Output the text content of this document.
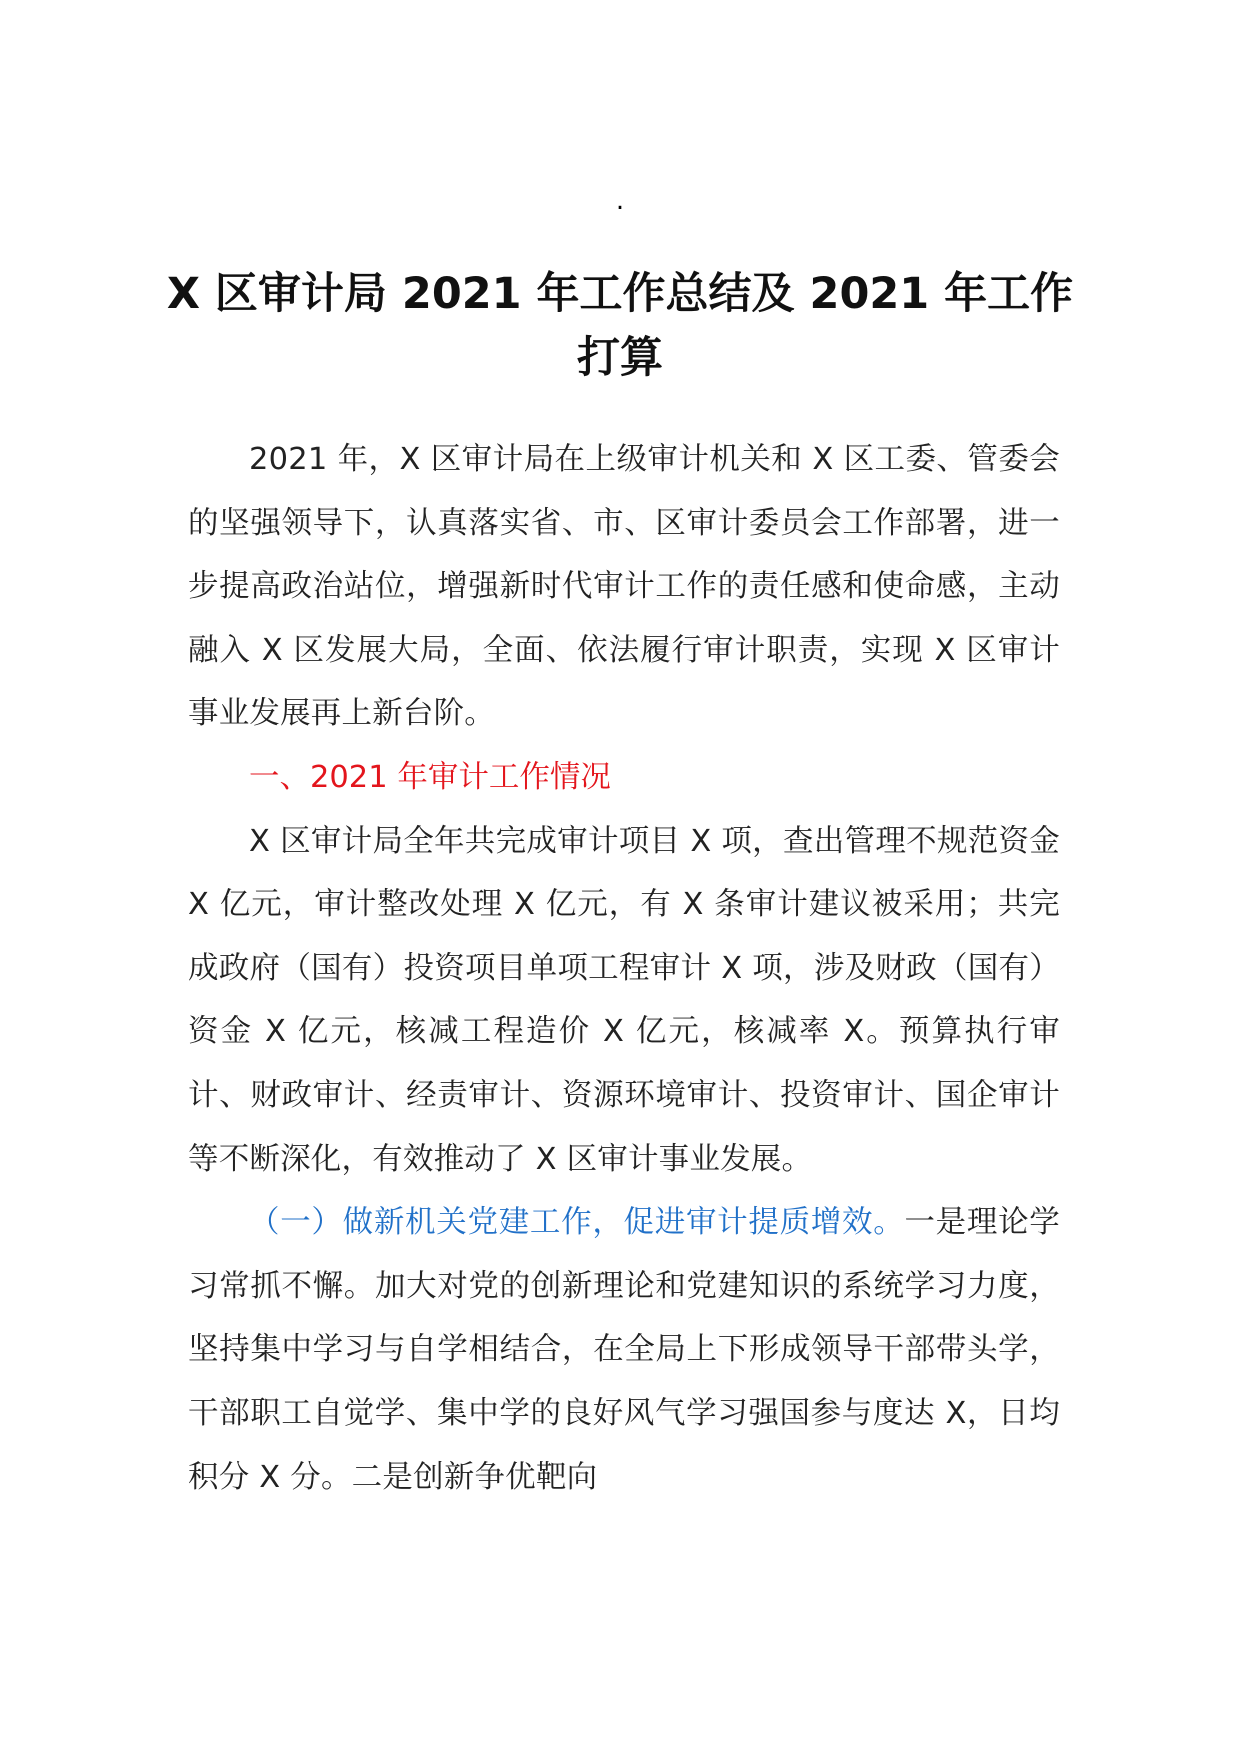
.
X 区审计局 2021 年工作总结及 2021 年工作打算

2021 年，X 区审计局在上级审计机关和 X 区工委、管委会的坚强领导下，认真落实省、市、区审计委员会工作部署，进一步提高政治站位，增强新时代审计工作的责任感和使命感，主动融入 X 区发展大局，全面、依法履行审计职责，实现 X 区审计事业发展再上新台阶。

一、2021 年审计工作情况

X 区审计局全年共完成审计项目 X 项，查出管理不规范资金 X 亿元，审计整改处理 X 亿元，有 X 条审计建议被采用；共完成政府（国有）投资项目单项工程审计 X 项，涉及财政（国有）资金 X 亿元，核减工程造价 X 亿元，核减率 X。预算执行审计、财政审计、经责审计、资源环境审计、投资审计、国企审计等不断深化，有效推动了 X 区审计事业发展。

（一）做新机关党建工作，促进审计提质增效。一是理论学习常抓不懈。加大对党的创新理论和党建知识的系统学习力度，坚持集中学习与自学相结合，在全局上下形成领导干部带头学，干部职工自觉学、集中学的良好风气学习强国参与度达 X，日均积分 X 分。二是创新争优靶向
